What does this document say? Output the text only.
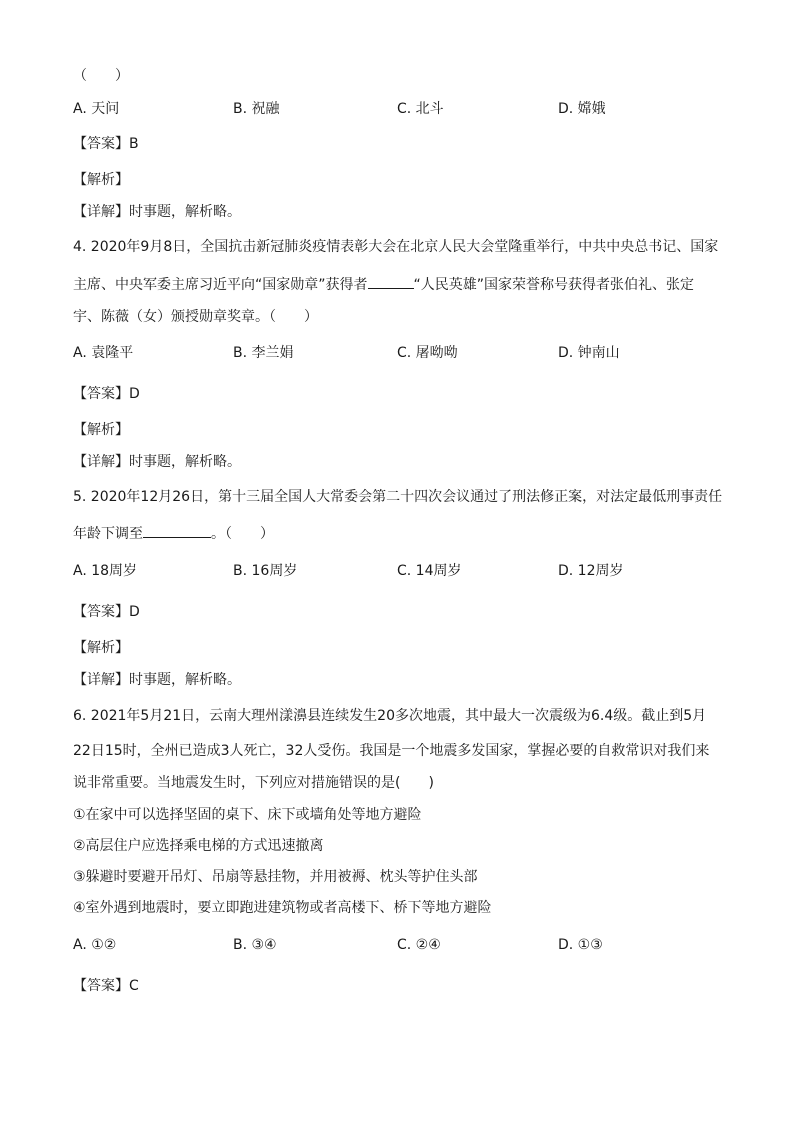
（　　）
A. 天问	B. 祝融	C. 北斗	D. 嫦娥
【答案】B
【解析】
【详解】时事题，解析略。
4. 2020年9月8日，全国抗击新冠肺炎疫情表彰大会在北京人民大会堂隆重举行，中共中央总书记、国家
主席、中央军委主席习近平向“国家勋章”获得者	“人民英雄”国家荣誉称号获得者张伯礼、张定
宇、陈薇（女）颁授勋章奖章。（　　）
A. 袁隆平	B. 李兰娟	C. 屠呦呦	D. 钟南山
【答案】D
【解析】
【详解】时事题，解析略。
5. 2020年12月26日，第十三届全国人大常委会第二十四次会议通过了刑法修正案，对法定最低刑事责任
年龄下调至	。（　　）
A. 18周岁	B. 16周岁	C. 14周岁	D. 12周岁
【答案】D
【解析】
【详解】时事题，解析略。
6. 2021年5月21日，云南大理州漾濞县连续发生20多次地震，其中最大一次震级为6.4级。截止到5月
22日15时，全州已造成3人死亡，32人受伤。我国是一个地震多发国家，掌握必要的自救常识对我们来
说非常重要。当地震发生时，下列应对措施错误的是(　　)
①在家中可以选择坚固的桌下、床下或墙角处等地方避险
②高层住户应选择乘电梯的方式迅速撤离
③躲避时要避开吊灯、吊扇等悬挂物，并用被褥、枕头等护住头部
④室外遇到地震时，要立即跑进建筑物或者高楼下、桥下等地方避险
A. ①②	B. ③④	C. ②④	D. ①③
【答案】C
